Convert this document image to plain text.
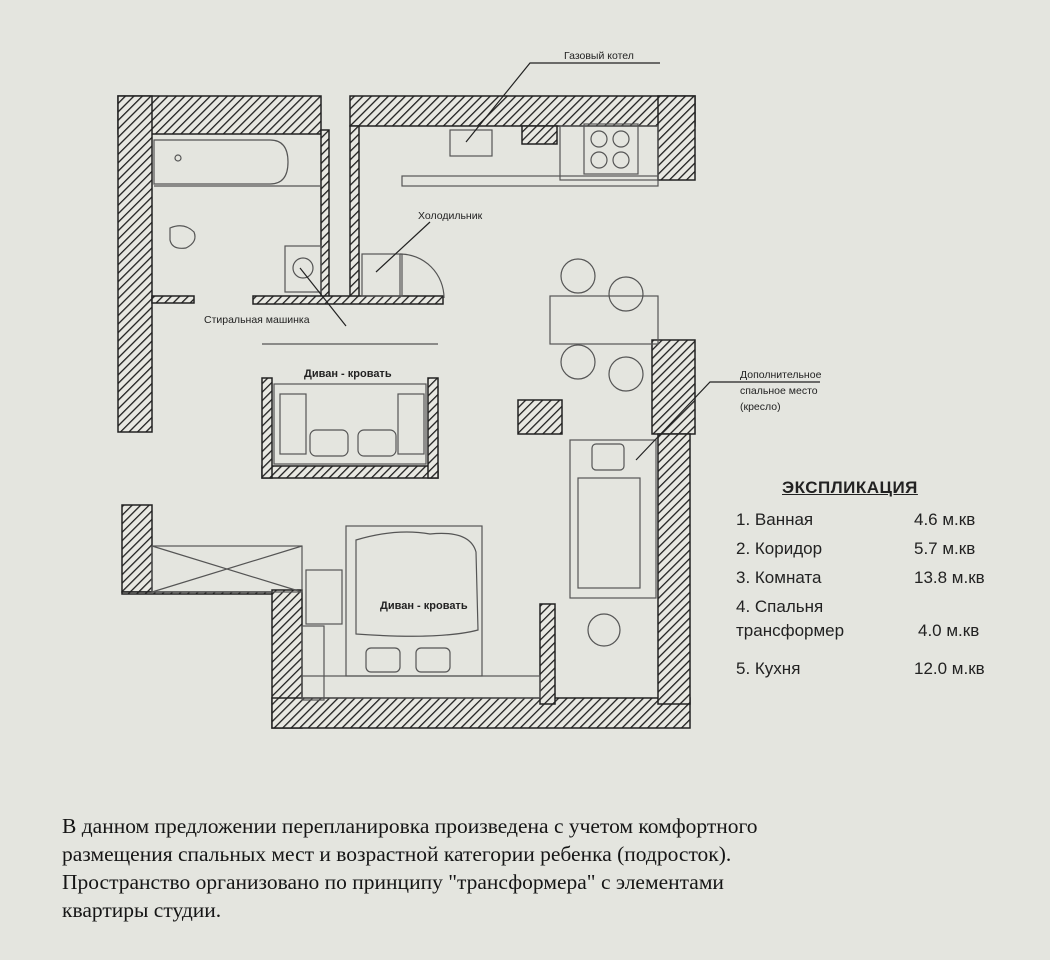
Газовый котел
Холодильник
Стиральная машинка
Диван - кровать
Диван - кровать
Дополнительное
спальное место
(кресло)
ЭКСПЛИКАЦИЯ
1. Ванная	4.6 м.кв
2. Коридор	5.7 м.кв
3. Комната	13.8 м.кв
4. Спальня
трансформер	4.0 м.кв
5. Кухня	12.0 м.кв
В данном предложении перепланировка произведена с учетом комфортного
размещения спальных мест и возрастной категории ребенка (подросток).
Пространство организовано по принципу "трансформера" с элементами
квартиры студии.
